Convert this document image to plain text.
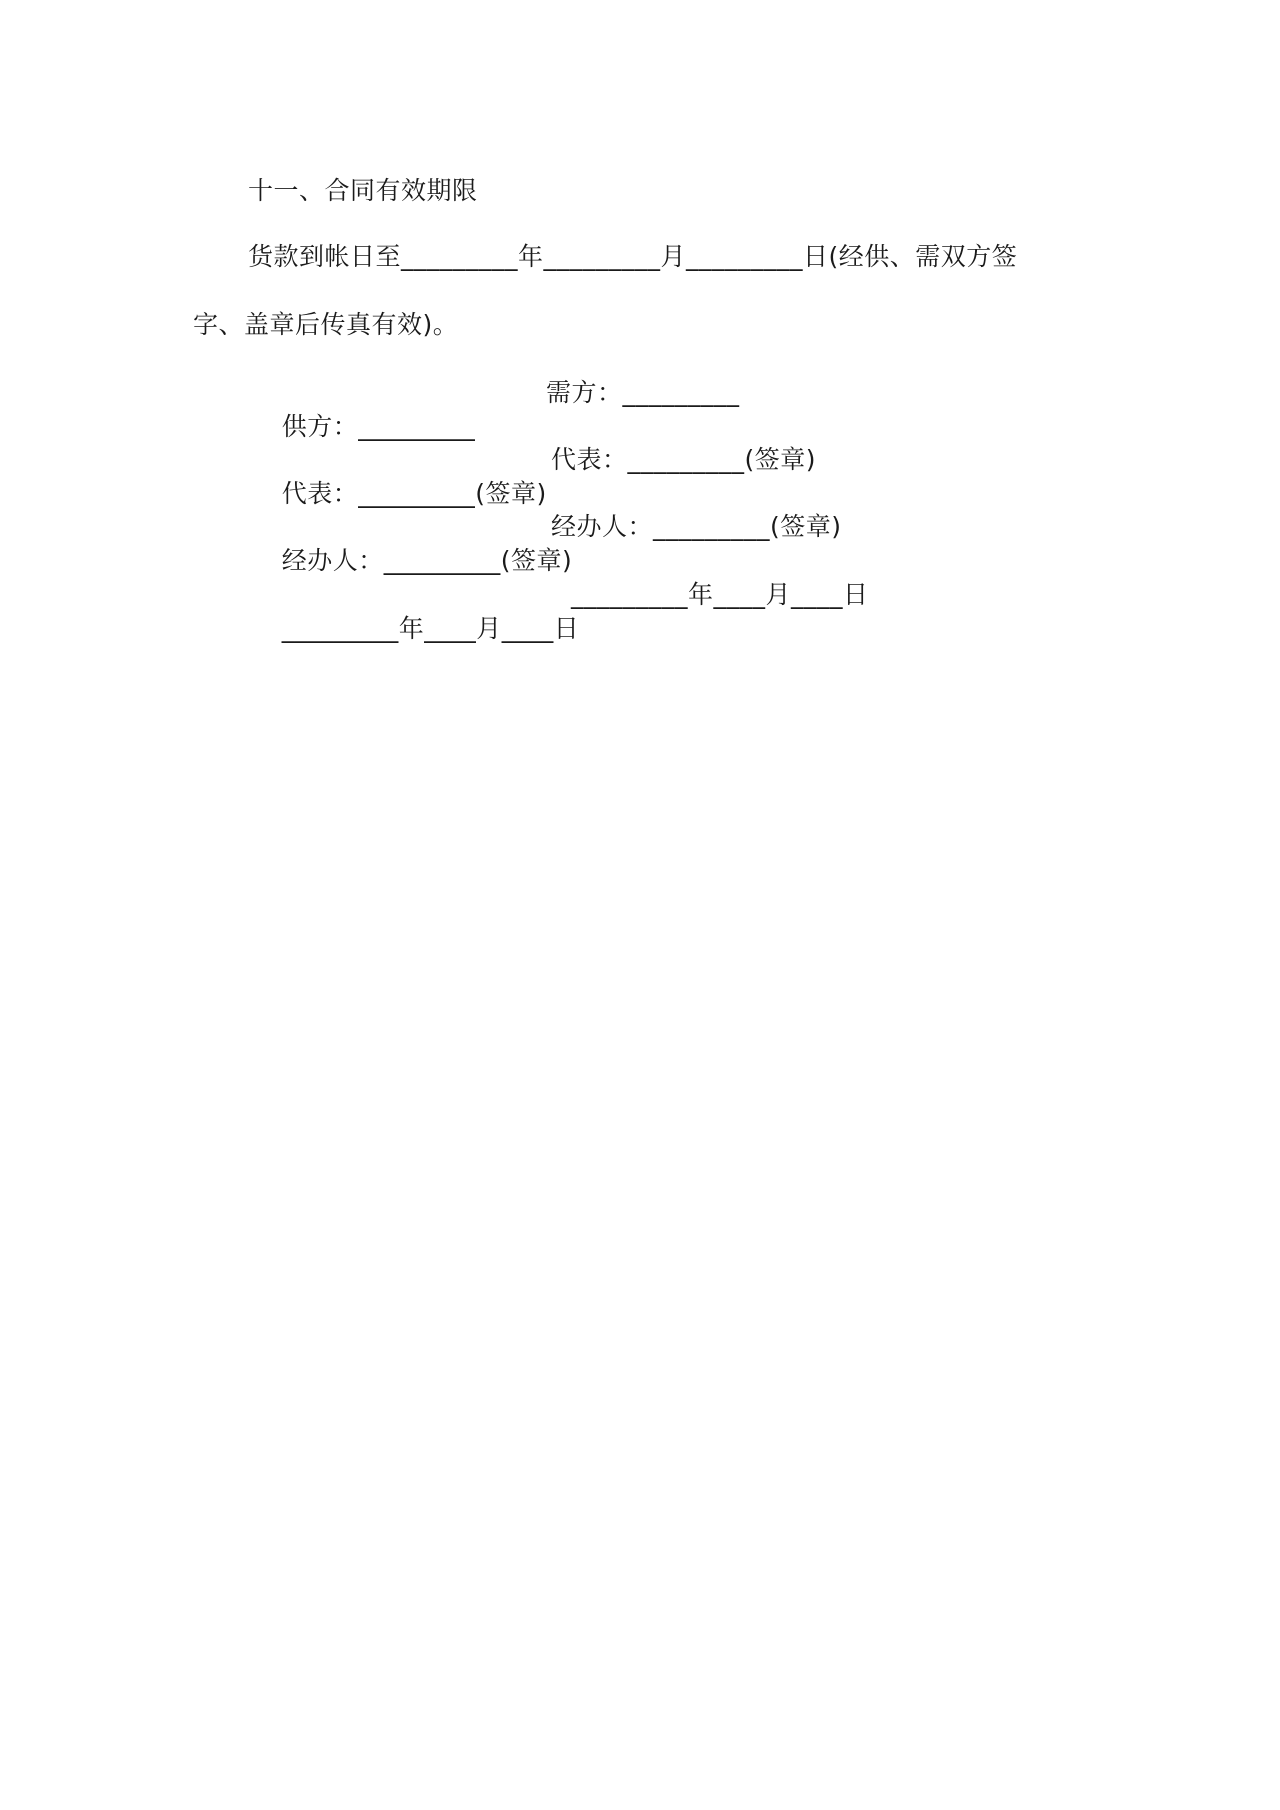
十一、合同有效期限
货款到帐日至_________年_________月_________日(经供、需双方签
字、盖章后传真有效)。

供方：_________

需方：_________

代表：_________(签章)

代表：_________(签章)

经办人：_________(签章)

经办人：_________(签章)

_________年____月____日

_________年____月____日
